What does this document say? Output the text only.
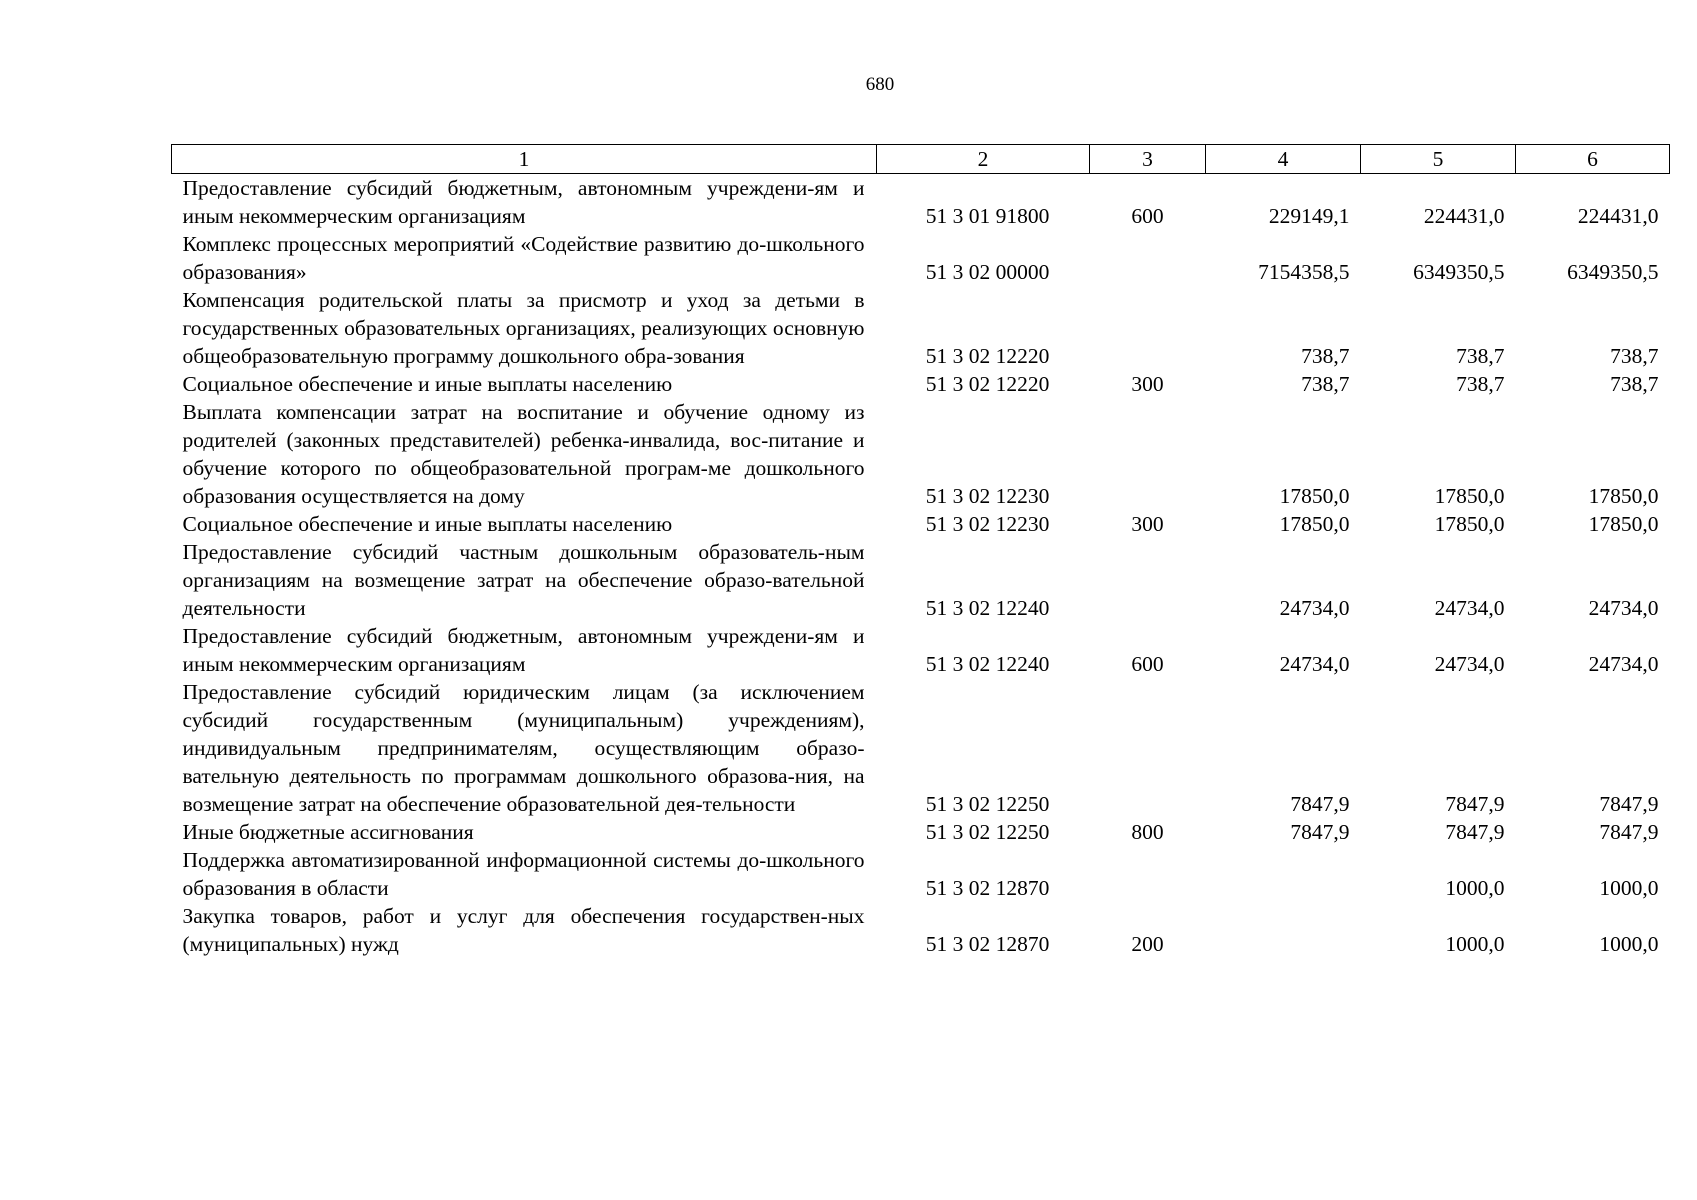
680
1	2	3	4	5	6
Предоставление субсидий бюджетным, автономным учреждени-ям и иным некоммерческим организациям	51 3 01 91800	600	229149,1	224431,0	224431,0
Комплекс процессных мероприятий «Содействие развитию до-школьного образования»	51 3 02 00000		7154358,5	6349350,5	6349350,5
Компенсация родительской платы за присмотр и уход за детьми в государственных образовательных организациях, реализующих основную общеобразовательную программу дошкольного обра-зования	51 3 02 12220		738,7	738,7	738,7
Социальное обеспечение и иные выплаты населению	51 3 02 12220	300	738,7	738,7	738,7
Выплата компенсации затрат на воспитание и обучение одному из родителей (законных представителей) ребенка-инвалида, вос-питание и обучение которого по общеобразовательной програм-ме дошкольного образования осуществляется на дому	51 3 02 12230		17850,0	17850,0	17850,0
Социальное обеспечение и иные выплаты населению	51 3 02 12230	300	17850,0	17850,0	17850,0
Предоставление субсидий частным дошкольным образователь-ным организациям на возмещение затрат на обеспечение образо-вательной деятельности	51 3 02 12240		24734,0	24734,0	24734,0
Предоставление субсидий бюджетным, автономным учреждени-ям и иным некоммерческим организациям	51 3 02 12240	600	24734,0	24734,0	24734,0
Предоставление субсидий юридическим лицам (за исключением субсидий государственным (муниципальным) учреждениям), индивидуальным предпринимателям, осуществляющим образо-вательную деятельность по программам дошкольного образова-ния, на возмещение затрат на обеспечение образовательной дея-тельности	51 3 02 12250		7847,9	7847,9	7847,9
Иные бюджетные ассигнования	51 3 02 12250	800	7847,9	7847,9	7847,9
Поддержка автоматизированной информационной системы до-школьного образования в области	51 3 02 12870			1000,0	1000,0
Закупка товаров, работ и услуг для обеспечения государствен-ных (муниципальных) нужд	51 3 02 12870	200		1000,0	1000,0
